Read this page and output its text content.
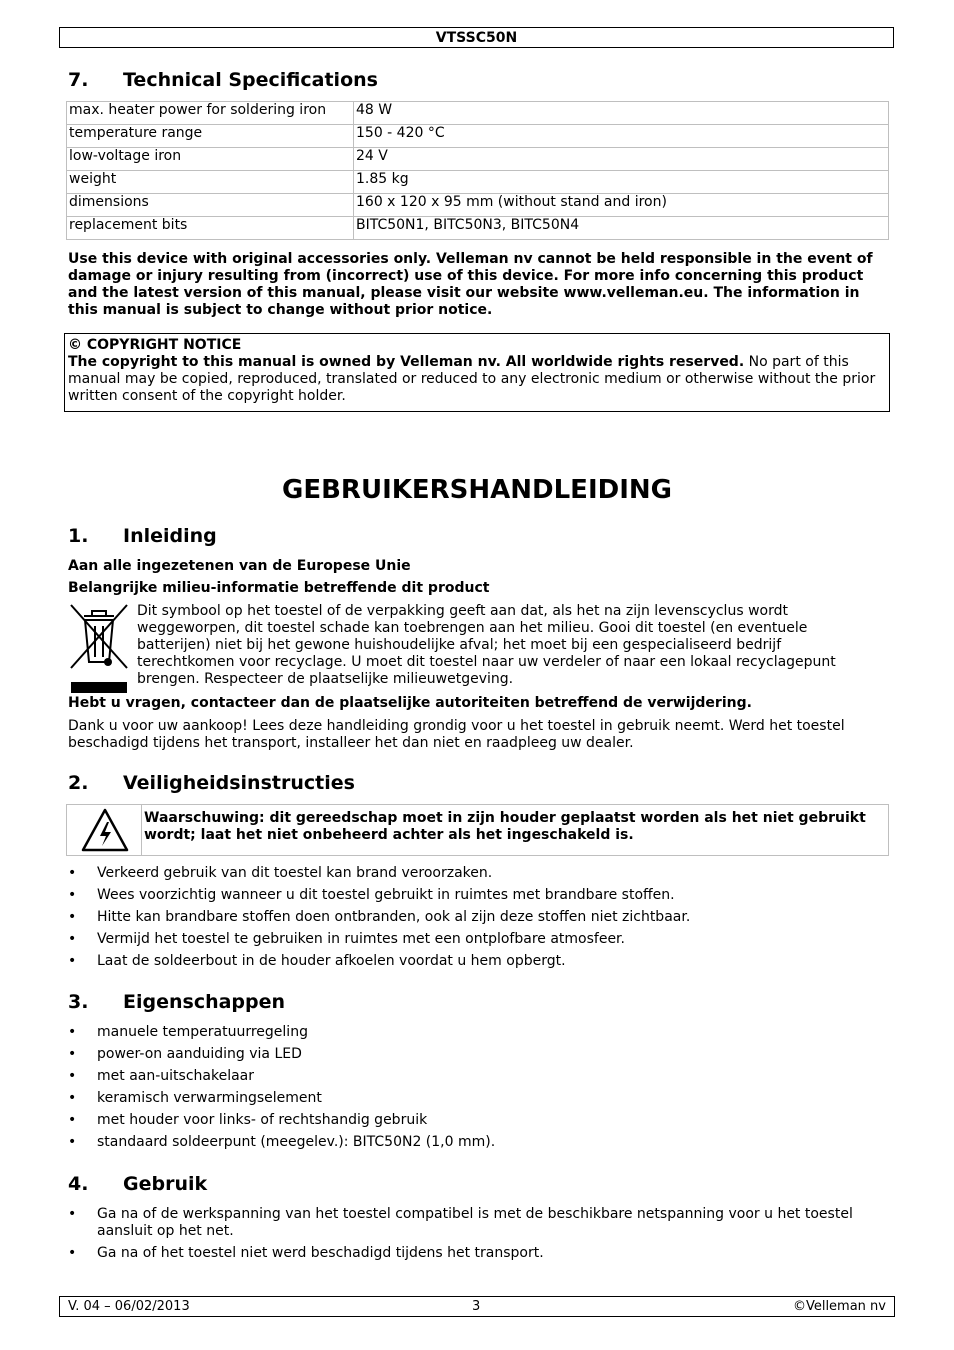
VTSSC50N
7. Technical Specifications
max. heater power for soldering iron	48 W
temperature range	150 - 420 °C
low-voltage iron	24 V
weight	1.85 kg
dimensions	160 x 120 x 95 mm (without stand and iron)
replacement bits	BITC50N1, BITC50N3, BITC50N4
Use this device with original accessories only. Velleman nv cannot be held responsible in the event of damage or injury resulting from (incorrect) use of this device. For more info concerning this product and the latest version of this manual, please visit our website www.velleman.eu. The information in this manual is subject to change without prior notice.
© COPYRIGHT NOTICE
The copyright to this manual is owned by Velleman nv. All worldwide rights reserved. No part of this manual may be copied, reproduced, translated or reduced to any electronic medium or otherwise without the prior written consent of the copyright holder.
GEBRUIKERSHANDLEIDING
1. Inleiding
Aan alle ingezetenen van de Europese Unie
Belangrijke milieu-informatie betreffende dit product
Dit symbool op het toestel of de verpakking geeft aan dat, als het na zijn levenscyclus wordt weggeworpen, dit toestel schade kan toebrengen aan het milieu. Gooi dit toestel (en eventuele batterijen) niet bij het gewone huishoudelijke afval; het moet bij een gespecialiseerd bedrijf terechtkomen voor recyclage. U moet dit toestel naar uw verdeler of naar een lokaal recyclagepunt brengen. Respecteer de plaatselijke milieuwetgeving.
Hebt u vragen, contacteer dan de plaatselijke autoriteiten betreffend de verwijdering.
Dank u voor uw aankoop! Lees deze handleiding grondig voor u het toestel in gebruik neemt. Werd het toestel beschadigd tijdens het transport, installeer het dan niet en raadpleeg uw dealer.
2. Veiligheidsinstructies
Waarschuwing: dit gereedschap moet in zijn houder geplaatst worden als het niet gebruikt wordt; laat het niet onbeheerd achter als het ingeschakeld is.
• Verkeerd gebruik van dit toestel kan brand veroorzaken.
• Wees voorzichtig wanneer u dit toestel gebruikt in ruimtes met brandbare stoffen.
• Hitte kan brandbare stoffen doen ontbranden, ook al zijn deze stoffen niet zichtbaar.
• Vermijd het toestel te gebruiken in ruimtes met een ontplofbare atmosfeer.
• Laat de soldeerbout in de houder afkoelen voordat u hem opbergt.
3. Eigenschappen
• manuele temperatuurregeling
• power-on aanduiding via LED
• met aan-uitschakelaar
• keramisch verwarmingselement
• met houder voor links- of rechtshandig gebruik
• standaard soldeerpunt (meegelev.): BITC50N2 (1,0 mm).
4. Gebruik
• Ga na of de werkspanning van het toestel compatibel is met de beschikbare netspanning voor u het toestel aansluit op het net.
• Ga na of het toestel niet werd beschadigd tijdens het transport.
V. 04 – 06/02/2013	3	©Velleman nv
